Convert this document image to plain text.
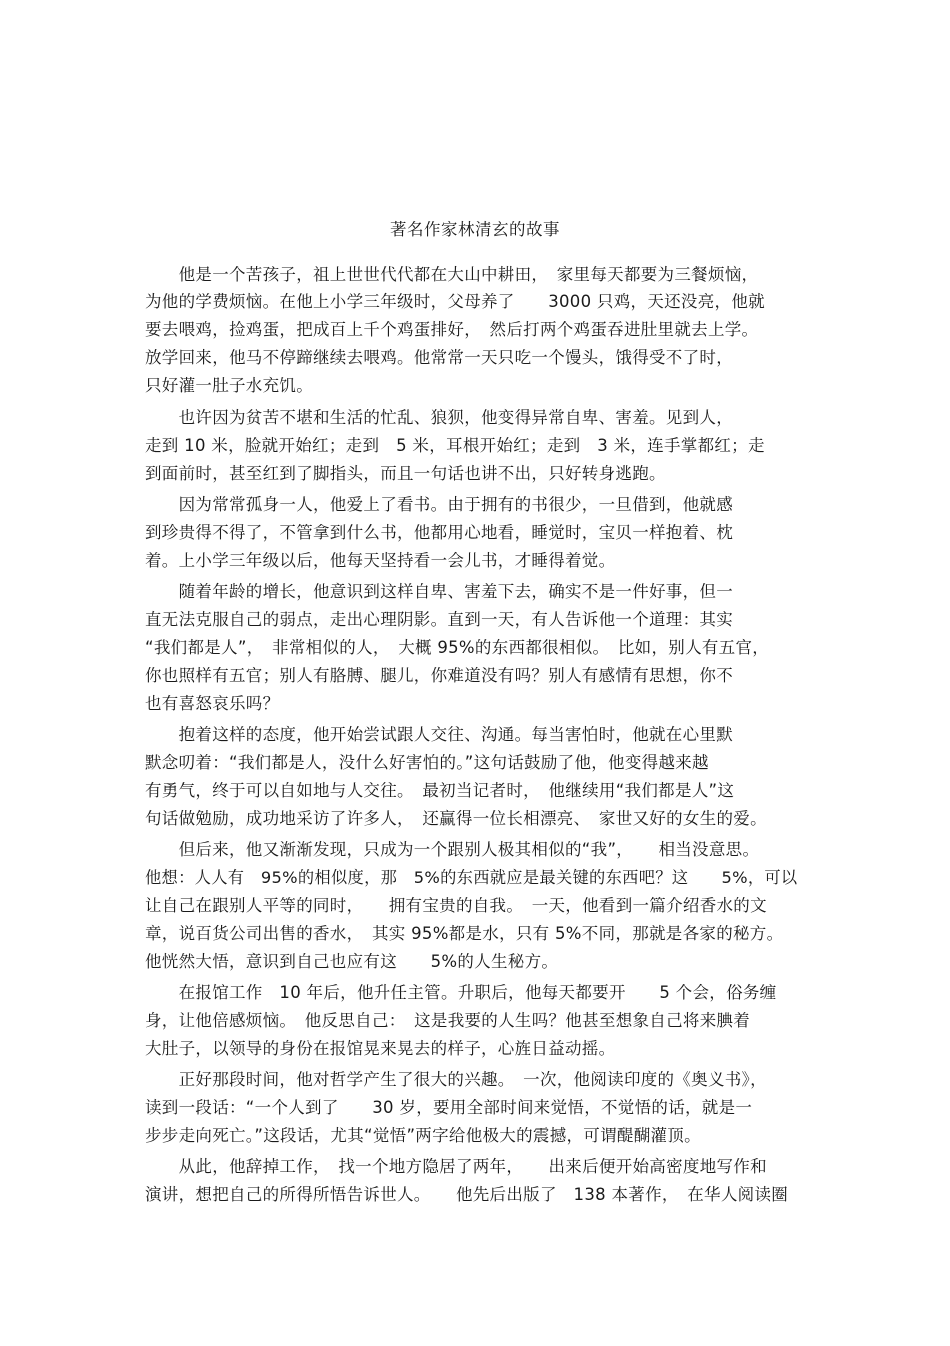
著名作家林清玄的故事
　　他是一个苦孩子，祖上世世代代都在大山中耕田，　家里每天都要为三餐烦恼，
为他的学费烦恼。在他上小学三年级时，父母养了　　3000 只鸡，天还没亮，他就
要去喂鸡，捡鸡蛋，把成百上千个鸡蛋排好，　然后打两个鸡蛋吞进肚里就去上学。
放学回来，他马不停蹄继续去喂鸡。他常常一天只吃一个馒头，饿得受不了时，
只好灌一肚子水充饥。
　　也许因为贫苦不堪和生活的忙乱、狼狈，他变得异常自卑、害羞。见到人，
走到 10 米，脸就开始红；走到　5 米，耳根开始红；走到　3 米，连手掌都红；走
到面前时，甚至红到了脚指头，而且一句话也讲不出，只好转身逃跑。
　　因为常常孤身一人，他爱上了看书。由于拥有的书很少，一旦借到，他就感
到珍贵得不得了，不管拿到什么书，他都用心地看，睡觉时，宝贝一样抱着、枕
着。上小学三年级以后，他每天坚持看一会儿书，才睡得着觉。
　　随着年龄的增长，他意识到这样自卑、害羞下去，确实不是一件好事，但一
直无法克服自己的弱点，走出心理阴影。直到一天，有人告诉他一个道理：其实
“我们都是人”，　非常相似的人，　大概 95%的东西都很相似。　比如，别人有五官，
你也照样有五官；别人有胳膊、腿儿，你难道没有吗？别人有感情有思想，你不
也有喜怒哀乐吗？
　　抱着这样的态度，他开始尝试跟人交往、沟通。每当害怕时，他就在心里默
默念叨着：“我们都是人，没什么好害怕的。”这句话鼓励了他，他变得越来越
有勇气，终于可以自如地与人交往。　最初当记者时，　他继续用“我们都是人”这
句话做勉励，成功地采访了许多人，　还赢得一位长相漂亮、　家世又好的女生的爱。
　　但后来，他又渐渐发现，只成为一个跟别人极其相似的“我”，　　相当没意思。
他想：人人有　95%的相似度，那　5%的东西就应是最关键的东西吧？这　　5%，可以
让自己在跟别人平等的同时，　　拥有宝贵的自我。　一天，他看到一篇介绍香水的文
章，说百货公司出售的香水，　其实 95%都是水，只有 5%不同，那就是各家的秘方。
他恍然大悟，意识到自己也应有这　　5%的人生秘方。
　　在报馆工作　10 年后，他升任主管。升职后，他每天都要开　　5 个会，俗务缠
身，让他倍感烦恼。　他反思自己：　这是我要的人生吗？他甚至想象自己将来腆着
大肚子，以领导的身份在报馆晃来晃去的样子，心旌日益动摇。
　　正好那段时间，他对哲学产生了很大的兴趣。　一次，他阅读印度的《奥义书》，
读到一段话：“一个人到了　　30 岁，要用全部时间来觉悟，不觉悟的话，就是一
步步走向死亡。”这段话，尤其“觉悟”两字给他极大的震撼，可谓醍醐灌顶。
　　从此，他辞掉工作，　找一个地方隐居了两年，　　出来后便开始高密度地写作和
演讲，想把自己的所得所悟告诉世人。　　他先后出版了　138 本著作，　在华人阅读圈
